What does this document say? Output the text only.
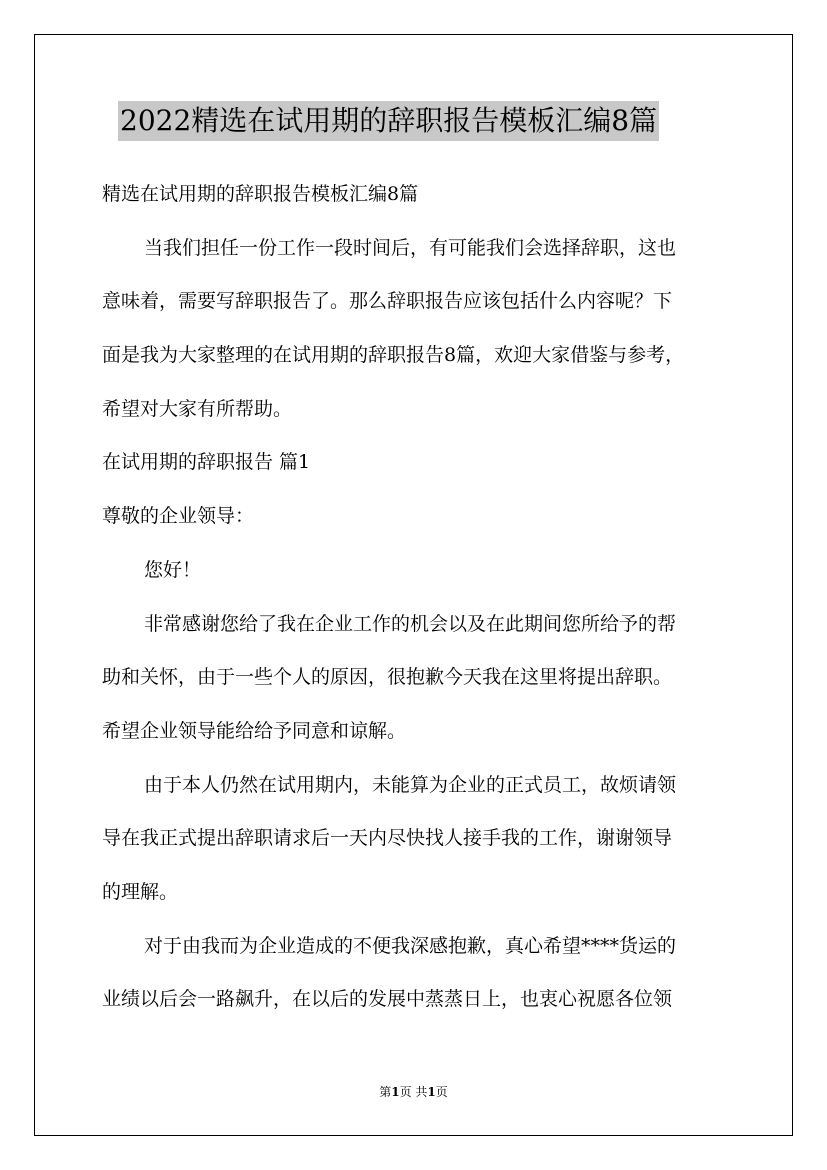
2022精选在试用期的辞职报告模板汇编8篇
精选在试用期的辞职报告模板汇编8篇
当我们担任一份工作一段时间后，有可能我们会选择辞职，这也
意味着，需要写辞职报告了。那么辞职报告应该包括什么内容呢？下
面是我为大家整理的在试用期的辞职报告8篇，欢迎大家借鉴与参考，
希望对大家有所帮助。
在试用期的辞职报告 篇1
尊敬的企业领导：
您好！
非常感谢您给了我在企业工作的机会以及在此期间您所给予的帮
助和关怀，由于一些个人的原因，很抱歉今天我在这里将提出辞职。
希望企业领导能给给予同意和谅解。
由于本人仍然在试用期内，未能算为企业的正式员工，故烦请领
导在我正式提出辞职请求后一天内尽快找人接手我的工作，谢谢领导
的理解。
对于由我而为企业造成的不便我深感抱歉，真心希望****货运的
业绩以后会一路飙升，在以后的发展中蒸蒸日上，也衷心祝愿各位领
第1页 共1页
